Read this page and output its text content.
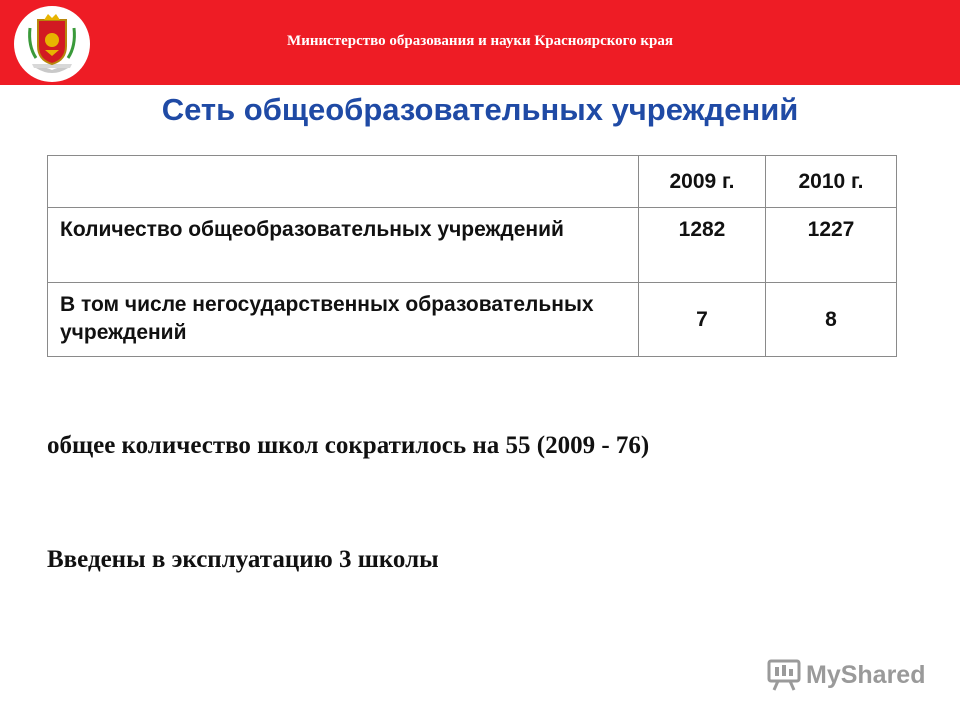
Министерство образования и науки Красноярского края
Сеть общеобразовательных учреждений
	2009 г.	2010 г.
Количество общеобразовательных учреждений	1282	1227
В том числе негосударственных образовательных учреждений	7	8
общее количество школ сократилось на 55 (2009 - 76)
Введены в эксплуатацию 3 школы
MyShared
